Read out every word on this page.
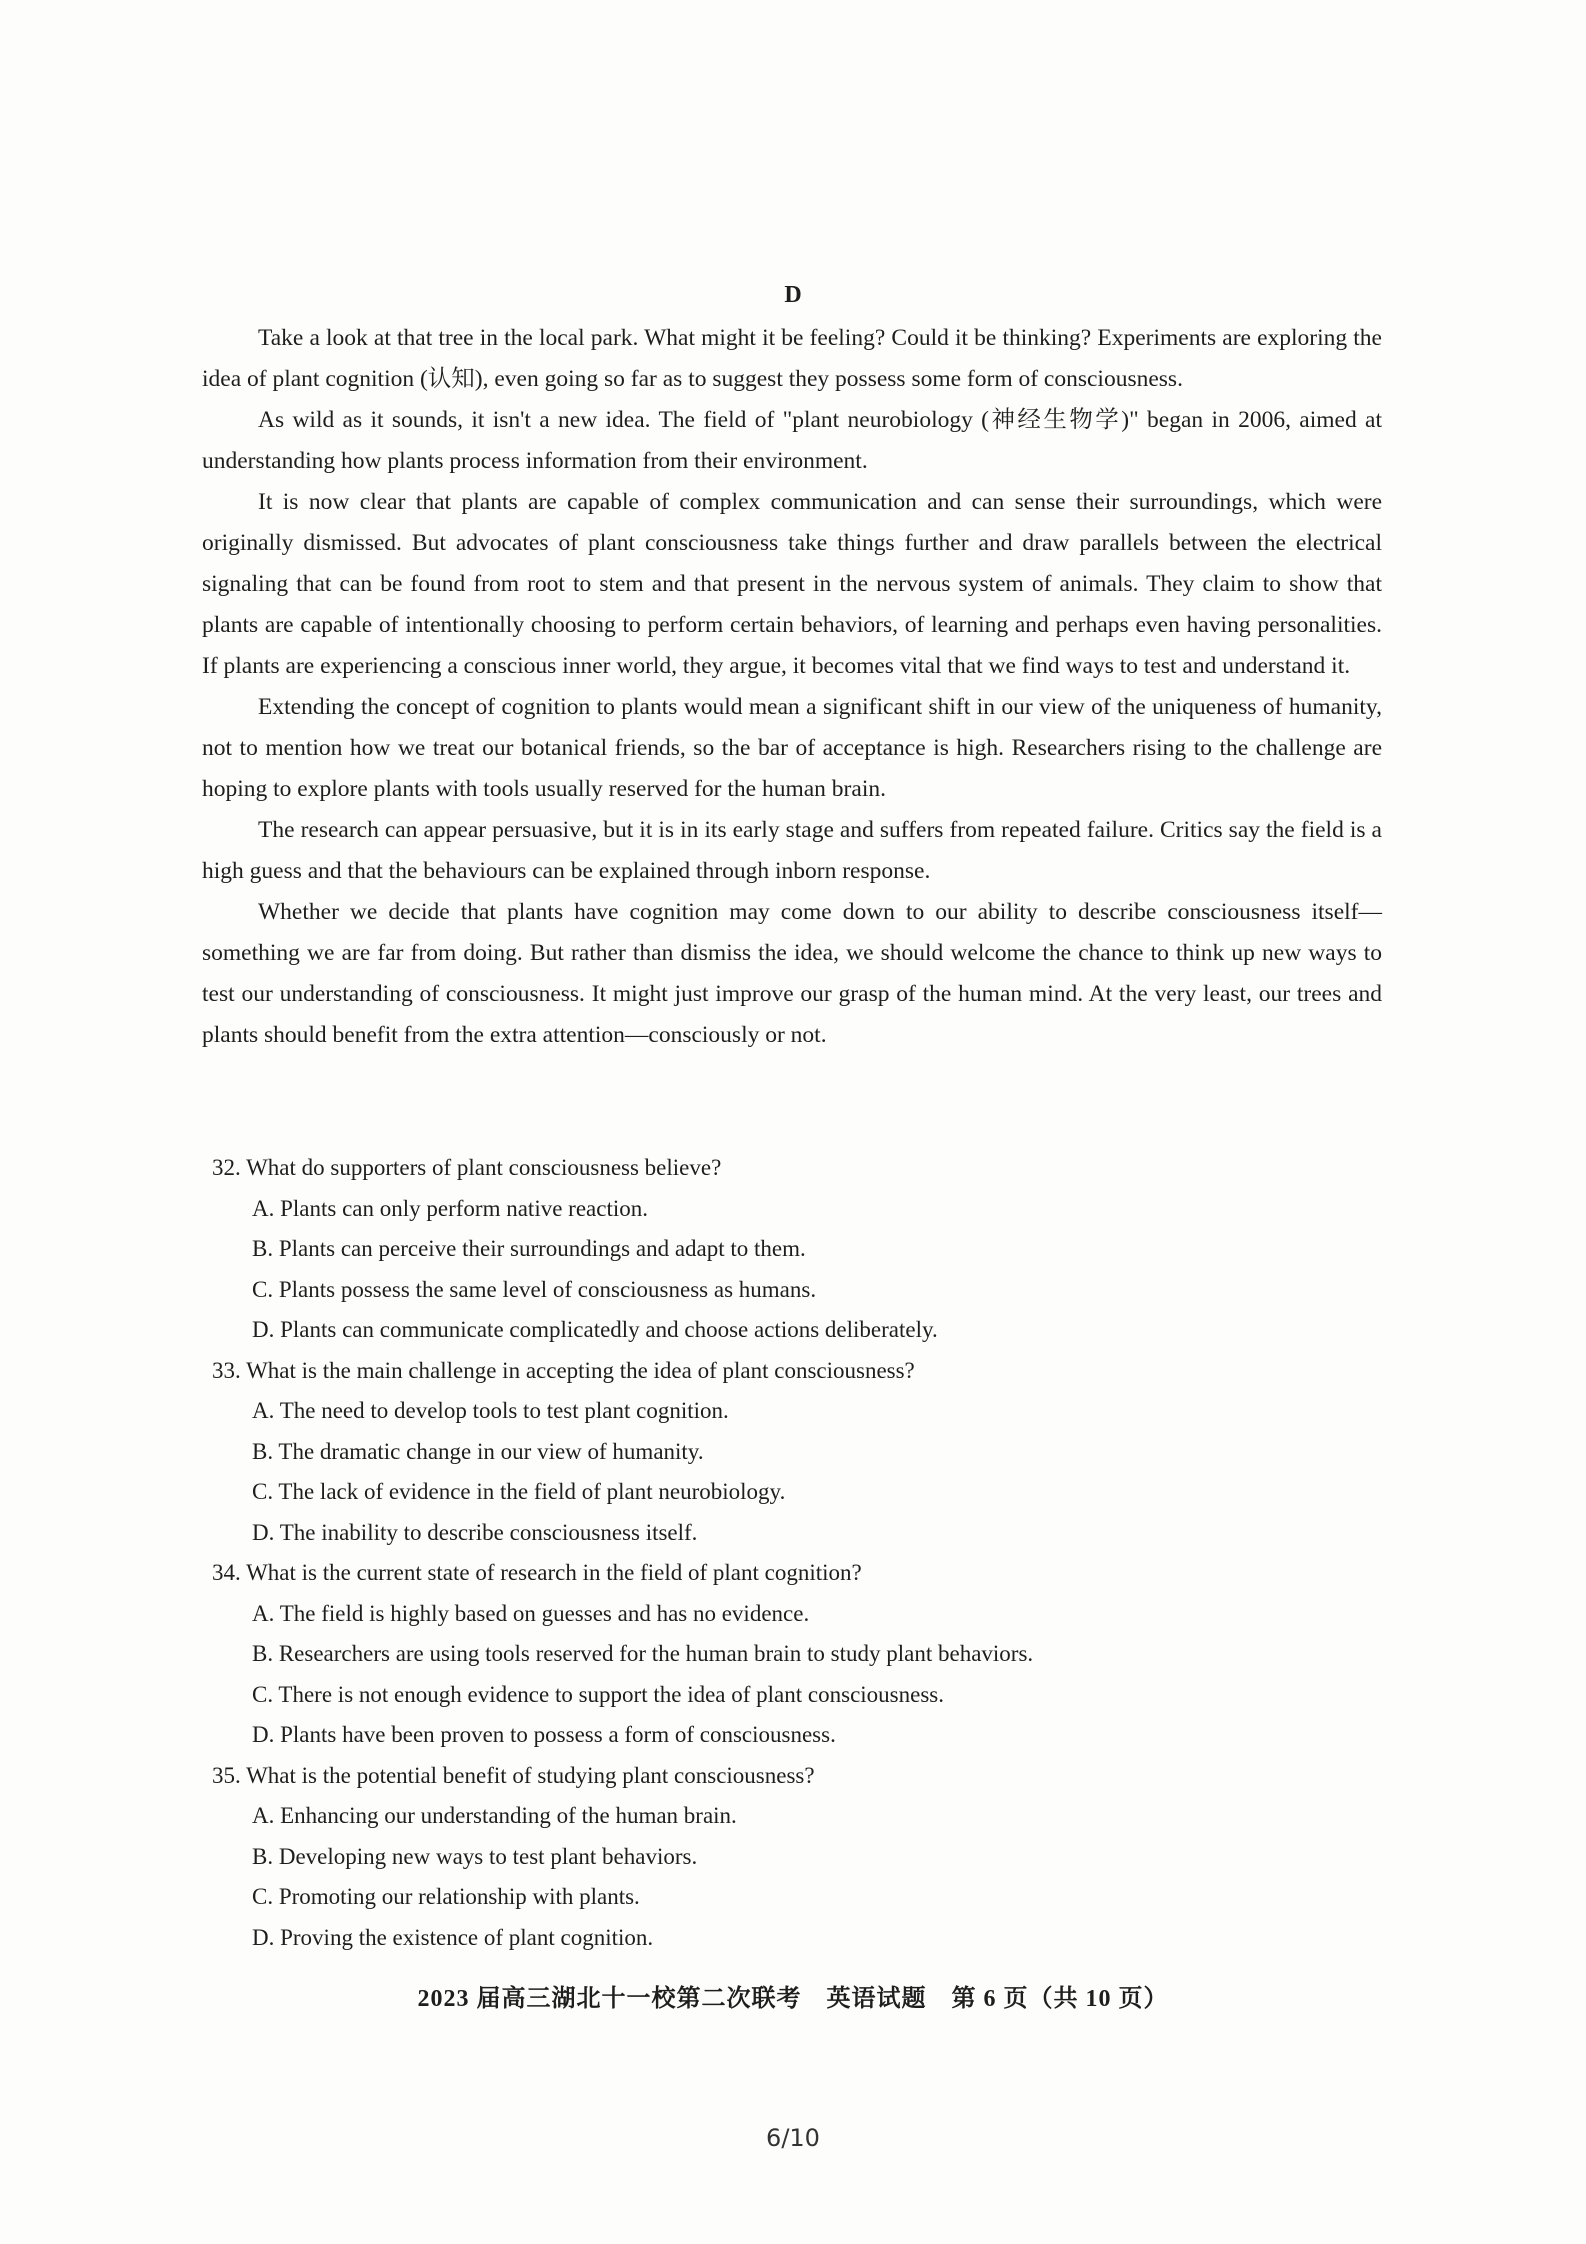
D

Take a look at that tree in the local park. What might it be feeling? Could it be thinking? Experiments are exploring the idea of plant cognition (认知), even going so far as to suggest they possess some form of consciousness.

As wild as it sounds, it isn't a new idea. The field of "plant neurobiology (神经生物学)" began in 2006, aimed at understanding how plants process information from their environment.

It is now clear that plants are capable of complex communication and can sense their surroundings, which were originally dismissed. But advocates of plant consciousness take things further and draw parallels between the electrical signaling that can be found from root to stem and that present in the nervous system of animals. They claim to show that plants are capable of intentionally choosing to perform certain behaviors, of learning and perhaps even having personalities. If plants are experiencing a conscious inner world, they argue, it becomes vital that we find ways to test and understand it.

Extending the concept of cognition to plants would mean a significant shift in our view of the uniqueness of humanity, not to mention how we treat our botanical friends, so the bar of acceptance is high. Researchers rising to the challenge are hoping to explore plants with tools usually reserved for the human brain.

The research can appear persuasive, but it is in its early stage and suffers from repeated failure. Critics say the field is a high guess and that the behaviours can be explained through inborn response.

Whether we decide that plants have cognition may come down to our ability to describe consciousness itself—something we are far from doing. But rather than dismiss the idea, we should welcome the chance to think up new ways to test our understanding of consciousness. It might just improve our grasp of the human mind. At the very least, our trees and plants should benefit from the extra attention—consciously or not.

32. What do supporters of plant consciousness believe?

A. Plants can only perform native reaction.
B. Plants can perceive their surroundings and adapt to them.
C. Plants possess the same level of consciousness as humans.
D. Plants can communicate complicatedly and choose actions deliberately.

33. What is the main challenge in accepting the idea of plant consciousness?

A. The need to develop tools to test plant cognition.
B. The dramatic change in our view of humanity.
C. The lack of evidence in the field of plant neurobiology.
D. The inability to describe consciousness itself.

34. What is the current state of research in the field of plant cognition?

A. The field is highly based on guesses and has no evidence.
B. Researchers are using tools reserved for the human brain to study plant behaviors.
C. There is not enough evidence to support the idea of plant consciousness.
D. Plants have been proven to possess a form of consciousness.

35. What is the potential benefit of studying plant consciousness?

A. Enhancing our understanding of the human brain.
B. Developing new ways to test plant behaviors.
C. Promoting our relationship with plants.
D. Proving the existence of plant cognition.
2023 届高三湖北十一校第二次联考　英语试题　第 6 页（共 10 页）
6/10
